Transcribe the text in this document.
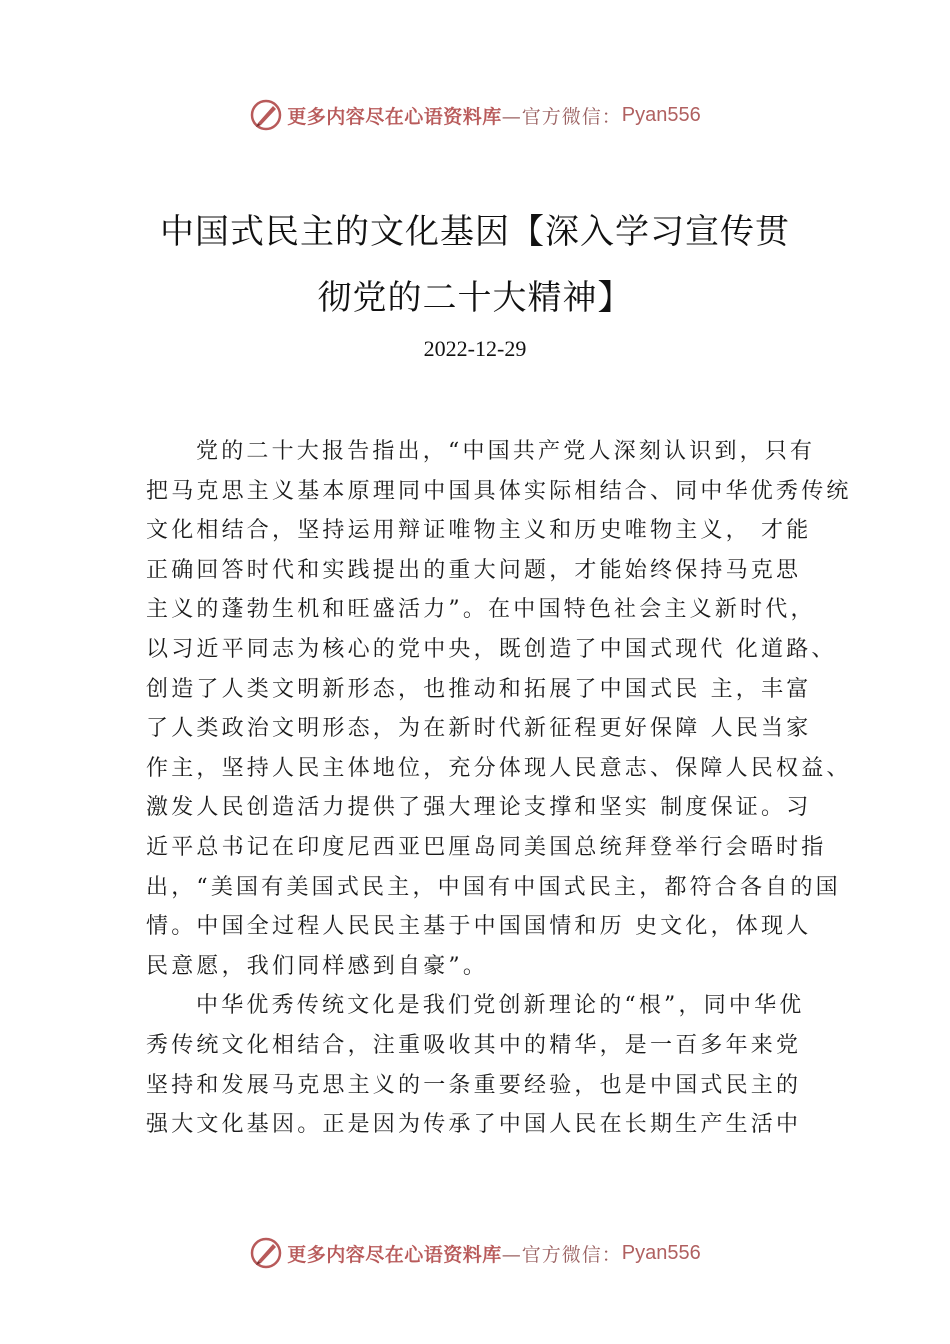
更多内容尽在心语资料库 —官方微信： Pyan556
中国式民主的文化基因【深入学习宣传贯
彻党的二十大精神】
2022-12-29
党的二十大报告指出，“中国共产党人深刻认识到，只有
把马克思主义基本原理同中国具体实际相结合、同中华优秀传统
文化相结合，坚持运用辩证唯物主义和历史唯物主义， 才能
正确回答时代和实践提出的重大问题，才能始终保持马克思
主义的蓬勃生机和旺盛活力”。在中国特色社会主义新时代，
以习近平同志为核心的党中央，既创造了中国式现代 化道路、
创造了人类文明新形态，也推动和拓展了中国式民 主，丰富
了人类政治文明形态，为在新时代新征程更好保障 人民当家
作主，坚持人民主体地位，充分体现人民意志、保障人民权益、
激发人民创造活力提供了强大理论支撑和坚实 制度保证。习
近平总书记在印度尼西亚巴厘岛同美国总统拜登举行会晤时指
出，“美国有美国式民主，中国有中国式民主，都符合各自的国
情。中国全过程人民民主基于中国国情和历 史文化，体现人
民意愿，我们同样感到自豪”。
中华优秀传统文化是我们党创新理论的“根”，同中华优
秀传统文化相结合，注重吸收其中的精华，是一百多年来党
坚持和发展马克思主义的一条重要经验，也是中国式民主的
强大文化基因。正是因为传承了中国人民在长期生产生活中
更多内容尽在心语资料库 —官方微信： Pyan556
